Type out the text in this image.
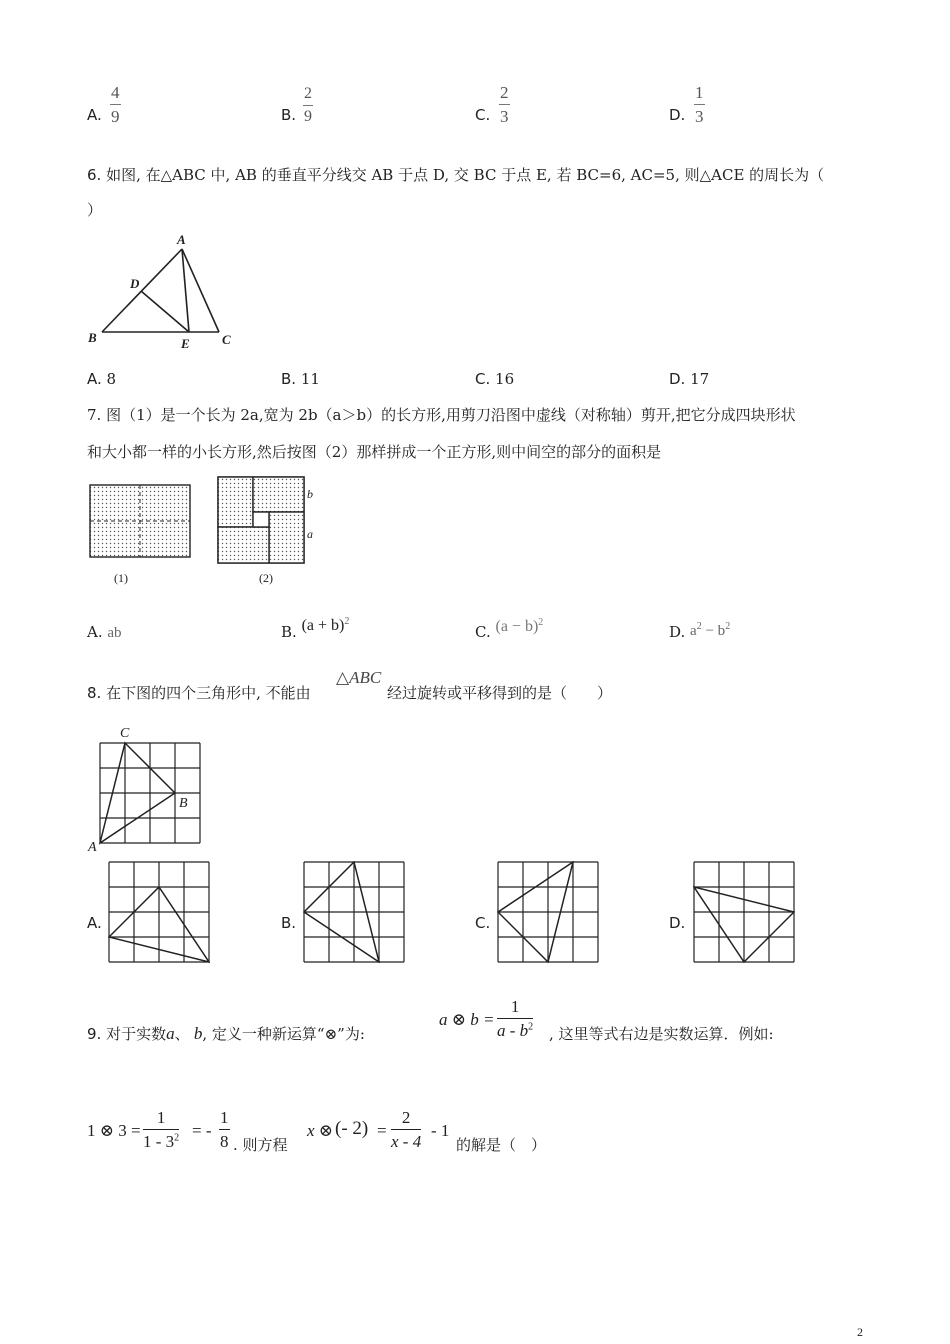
A.
4
9	B.
2
9	C.
2
3	D.
1
3
6. 如图, 在△ABC 中, AB 的垂直平分线交 AB 于点 D, 交 BC 于点 E, 若 BC=6, AC=5, 则△ACE 的周长为（
）
A
B	C
D
E
A. 8	B. 11	C. 16	D. 17
7. 图（1）是一个长为 2a,宽为 2b（a＞b）的长方形,用剪刀沿图中虚线（对称轴）剪开,把它分成四块形状
和大小都一样的小长方形,然后按图（2）那样拼成一个正方形,则中间空的部分的面积是
(1)
b
a
(2)
A. ab	B. $(a + b)^2$
C. $(a - b)^2$
D. $a^2 - b^2$
8. 在下图的四个三角形中, 不能由
△ABC
经过旋转或平移得到的是（　　）
A
B
C
A.	B.	C.	D.
9. 对于实数a、 b, 定义一种新运算“⊗”为:
a ⊗ b =
1
a - $b^2$ , 这里等式右边是实数运算．例如:
1 ⊗ 3 =
1
$1 - 3^2$ = -
1
8 . 则方程
x ⊗ (- 2) =
2
x - 4
- 1
的解是（　）
2
